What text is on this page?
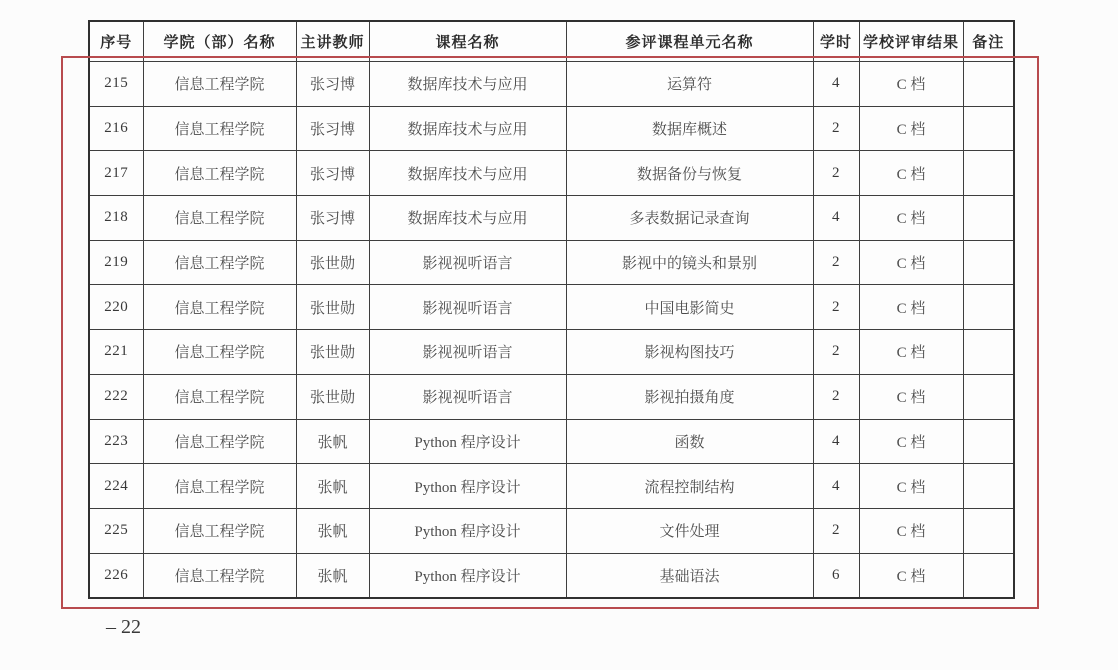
序号	学院（部）名称	主讲教师	课程名称	参评课程单元名称	学时	学校评审结果	备注
215	信息工程学院	张习博	数据库技术与应用	运算符	4	C 档	
216	信息工程学院	张习博	数据库技术与应用	数据库概述	2	C 档	
217	信息工程学院	张习博	数据库技术与应用	数据备份与恢复	2	C 档	
218	信息工程学院	张习博	数据库技术与应用	多表数据记录查询	4	C 档	
219	信息工程学院	张世勋	影视视听语言	影视中的镜头和景别	2	C 档	
220	信息工程学院	张世勋	影视视听语言	中国电影简史	2	C 档	
221	信息工程学院	张世勋	影视视听语言	影视构图技巧	2	C 档	
222	信息工程学院	张世勋	影视视听语言	影视拍摄角度	2	C 档	
223	信息工程学院	张帆	Python 程序设计	函数	4	C 档	
224	信息工程学院	张帆	Python 程序设计	流程控制结构	4	C 档	
225	信息工程学院	张帆	Python 程序设计	文件处理	2	C 档	
226	信息工程学院	张帆	Python 程序设计	基础语法	6	C 档	
– 22
